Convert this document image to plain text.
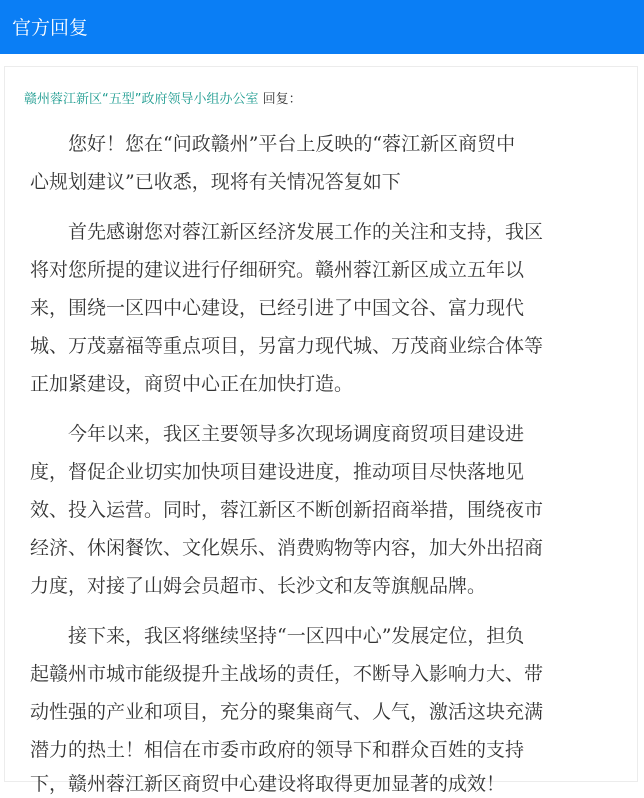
官方回复
赣州蓉江新区“五型”政府领导小组办公室 回复：
您好！您在“问政赣州”平台上反映的“蓉江新区商贸中
心规划建议”已收悉，现将有关情况答复如下
首先感谢您对蓉江新区经济发展工作的关注和支持，我区
将对您所提的建议进行仔细研究。赣州蓉江新区成立五年以
来，围绕一区四中心建设，已经引进了中国文谷、富力现代
城、万茂嘉福等重点项目，另富力现代城、万茂商业综合体等
正加紧建设，商贸中心正在加快打造。
今年以来，我区主要领导多次现场调度商贸项目建设进
度，督促企业切实加快项目建设进度，推动项目尽快落地见
效、投入运营。同时，蓉江新区不断创新招商举措，围绕夜市
经济、休闲餐饮、文化娱乐、消费购物等内容，加大外出招商
力度，对接了山姆会员超市、长沙文和友等旗舰品牌。
接下来，我区将继续坚持“一区四中心”发展定位，担负
起赣州市城市能级提升主战场的责任，不断导入影响力大、带
动性强的产业和项目，充分的聚集商气、人气，激活这块充满
潜力的热土！相信在市委市政府的领导下和群众百姓的支持
下，赣州蓉江新区商贸中心建设将取得更加显著的成效！
